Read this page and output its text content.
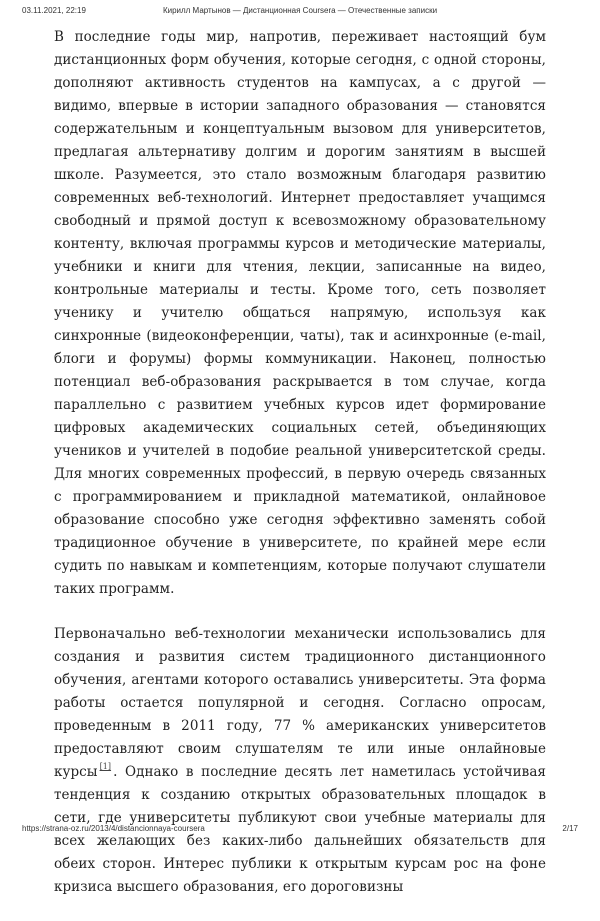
03.11.2021, 22:19	Кирилл Мартынов — Дистанционная Coursera — Отечественные записки

В последние годы мир, напротив, переживает настоящий бум дистанционных форм обучения, которые сегодня, с одной стороны, дополняют активность студентов на кампусах, а с другой — видимо, впервые в истории западного образования — становятся содержательным и концептуальным вызовом для университетов, предлагая альтернативу долгим и дорогим занятиям в высшей школе. Разумеется, это стало возможным благодаря развитию современных веб-технологий. Интернет предоставляет учащимся свободный и прямой доступ к всевозможному образовательному контенту, включая программы курсов и методические материалы, учебники и книги для чтения, лекции, записанные на видео, контрольные материалы и тесты. Кроме того, сеть позволяет ученику и учителю общаться напрямую, используя как синхронные (видеоконференции, чаты), так и асинхронные (e-mail, блоги и форумы) формы коммуникации. Наконец, полностью потенциал веб-образования раскрывается в том случае, когда параллельно с развитием учебных курсов идет формирование цифровых академических социальных сетей, объединяющих учеников и учителей в подобие реальной университетской среды. Для многих современных профессий, в первую очередь связанных с программированием и прикладной математикой, онлайновое образование способно уже сегодня эффективно заменять собой традиционное обучение в университете, по крайней мере если судить по навыкам и компетенциям, которые получают слушатели таких программ.

Первоначально веб-технологии механически использовались для создания и развития систем традиционного дистанционного обучения, агентами которого оставались университеты. Эта форма работы остается популярной и сегодня. Согласно опросам, проведенным в 2011 году, 77 % американских университетов предоставляют своим слушателям те или иные онлайновые курсы [1] . Однако в последние десять лет наметилась устойчивая тенденция к созданию открытых образовательных площадок в сети, где университеты публикуют свои учебные материалы для всех желающих без каких-либо дальнейших обязательств для обеих сторон. Интерес публики к открытым курсам рос на фоне кризиса высшего образования, его дороговизны

https://strana-oz.ru/2013/4/distancionnaya-coursera	2/17
